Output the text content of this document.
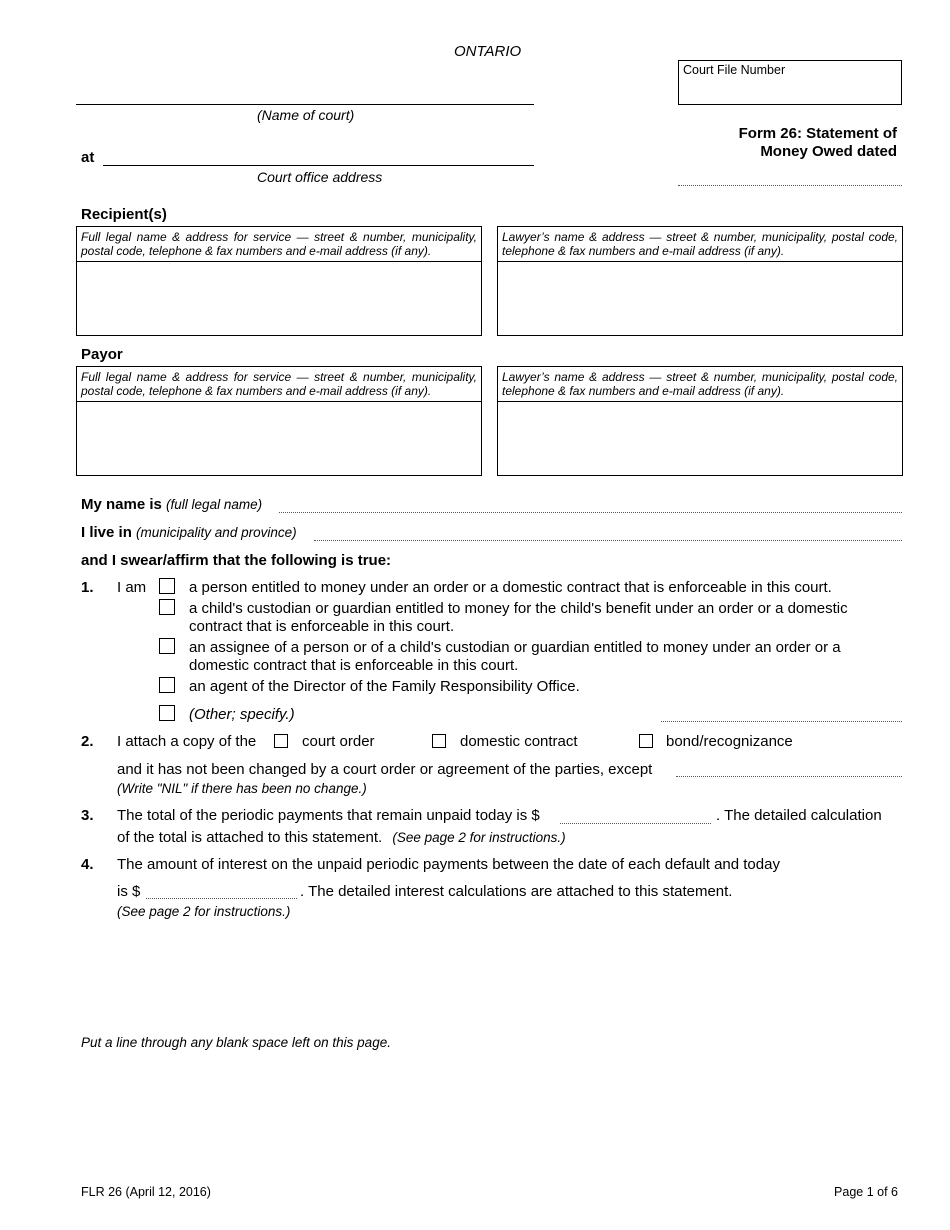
ONTARIO
Court File Number
(Name of court)
Form 26: Statement of
Money Owed dated
at
Court office address
Recipient(s)
Full legal name & address for service — street & number, municipality, postal code, telephone & fax numbers and e-mail address (if any).
Lawyer’s name & address — street & number, municipality, postal code, telephone & fax numbers and e-mail address (if any).
Payor
Full legal name & address for service — street & number, municipality, postal code, telephone & fax numbers and e-mail address (if any).
Lawyer’s name & address — street & number, municipality, postal code, telephone & fax numbers and e-mail address (if any).
My name is (full legal name)
I live in (municipality and province)
and I swear/affirm that the following is true:
1. I am	a person entitled to money under an order or a domestic contract that is enforceable in this court.
a child's custodian or guardian entitled to money for the child's benefit under an order or a domestic
contract that is enforceable in this court.
an assignee of a person or of a child's custodian or guardian entitled to money under an order or a
domestic contract that is enforceable in this court.
an agent of the Director of the Family Responsibility Office.
(Other; specify.)
2. I attach a copy of the	court order	domestic contract	bond/recognizance
and it has not been changed by a court order or agreement of the parties, except
(Write "NIL" if there has been no change.)
3. The total of the periodic payments that remain unpaid today is $	. The detailed calculation
of the total is attached to this statement. (See page 2 for instructions.)
4. The amount of interest on the unpaid periodic payments between the date of each default and today
is $	. The detailed interest calculations are attached to this statement.
(See page 2 for instructions.)
Put a line through any blank space left on this page.
FLR 26 (April 12, 2016)	Page 1 of 6
